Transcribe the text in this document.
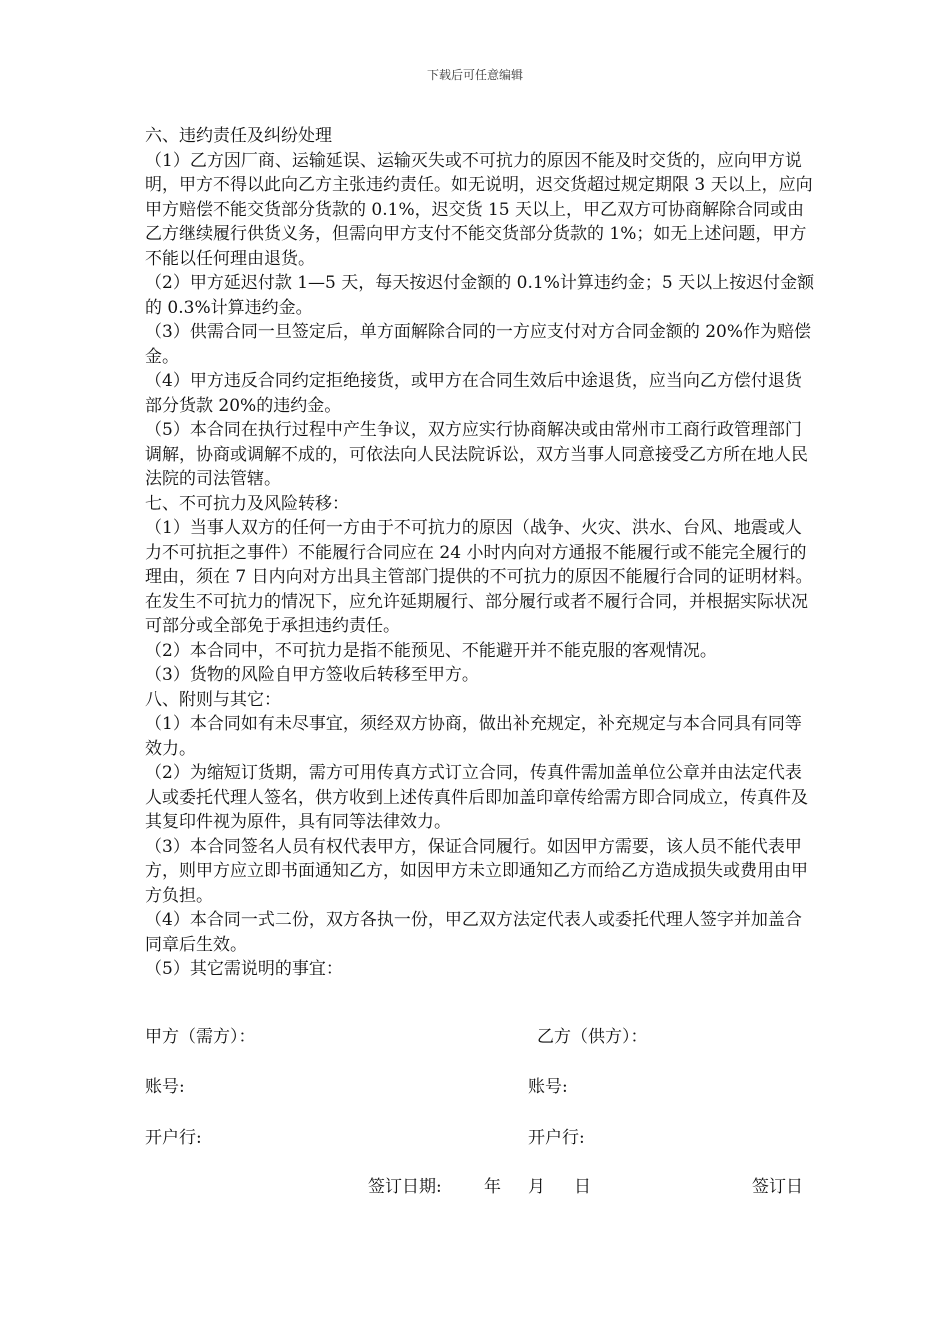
下载后可任意编辑

六、违约责任及纠纷处理

（1）乙方因厂商、运输延误、运输灭失或不可抗力的原因不能及时交货的，应向甲方说明，甲方不得以此向乙方主张违约责任。如无说明，迟交货超过规定期限 3 天以上，应向甲方赔偿不能交货部分货款的 0.1%，迟交货 15 天以上，甲乙双方可协商解除合同或由乙方继续履行供货义务，但需向甲方支付不能交货部分货款的 1%；如无上述问题，甲方不能以任何理由退货。

（2）甲方延迟付款 1—5 天，每天按迟付金额的 0.1%计算违约金；5 天以上按迟付金额的 0.3%计算违约金。

（3）供需合同一旦签定后，单方面解除合同的一方应支付对方合同金额的 20%作为赔偿金。

（4）甲方违反合同约定拒绝接货，或甲方在合同生效后中途退货，应当向乙方偿付退货部分货款 20%的违约金。

（5）本合同在执行过程中产生争议，双方应实行协商解决或由常州市工商行政管理部门调解，协商或调解不成的，可依法向人民法院诉讼，双方当事人同意接受乙方所在地人民法院的司法管辖。

七、不可抗力及风险转移：

（1）当事人双方的任何一方由于不可抗力的原因（战争、火灾、洪水、台风、地震或人力不可抗拒之事件）不能履行合同应在 24 小时内向对方通报不能履行或不能完全履行的理由，须在 7 日内向对方出具主管部门提供的不可抗力的原因不能履行合同的证明材料。在发生不可抗力的情况下，应允许延期履行、部分履行或者不履行合同，并根据实际状况可部分或全部免于承担违约责任。

（2）本合同中，不可抗力是指不能预见、不能避开并不能克服的客观情况。

（3）货物的风险自甲方签收后转移至甲方。

八、附则与其它：

（1）本合同如有未尽事宜，须经双方协商，做出补充规定，补充规定与本合同具有同等效力。

（2）为缩短订货期，需方可用传真方式订立合同，传真件需加盖单位公章并由法定代表人或委托代理人签名，供方收到上述传真件后即加盖印章传给需方即合同成立，传真件及其复印件视为原件，具有同等法律效力。

（3）本合同签名人员有权代表甲方，保证合同履行。如因甲方需要，该人员不能代表甲方，则甲方应立即书面通知乙方，如因甲方未立即通知乙方而给乙方造成损失或费用由甲方负担。

（4）本合同一式二份，双方各执一份，甲乙双方法定代表人或委托代理人签字并加盖合同章后生效。

（5）其它需说明的事宜：

甲方（需方）：	乙方（供方）：
账号:	账号:
开户行:	开户行:
签订日期: 年 月 日	签订日
